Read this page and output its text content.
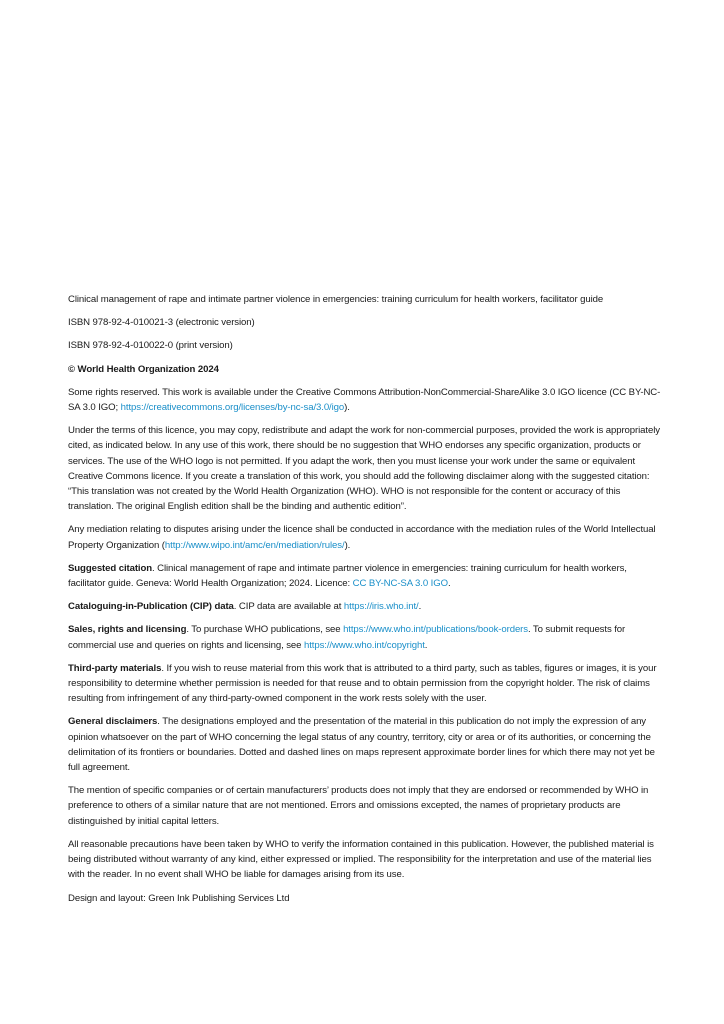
Clinical management of rape and intimate partner violence in emergencies: training curriculum for health workers, facilitator guide

ISBN 978-92-4-010021-3 (electronic version)

ISBN 978-92-4-010022-0 (print version)

© World Health Organization 2024

Some rights reserved. This work is available under the Creative Commons Attribution-NonCommercial-ShareAlike 3.0 IGO licence (CC BY-NC-SA 3.0 IGO; https://creativecommons.org/licenses/by-nc-sa/3.0/igo).

Under the terms of this licence, you may copy, redistribute and adapt the work for non-commercial purposes, provided the work is appropriately cited, as indicated below. In any use of this work, there should be no suggestion that WHO endorses any specific organization, products or services. The use of the WHO logo is not permitted. If you adapt the work, then you must license your work under the same or equivalent Creative Commons licence. If you create a translation of this work, you should add the following disclaimer along with the suggested citation: “This translation was not created by the World Health Organization (WHO). WHO is not responsible for the content or accuracy of this translation. The original English edition shall be the binding and authentic edition”.

Any mediation relating to disputes arising under the licence shall be conducted in accordance with the mediation rules of the World Intellectual Property Organization (http://www.wipo.int/amc/en/mediation/rules/).

Suggested citation. Clinical management of rape and intimate partner violence in emergencies: training curriculum for health workers, facilitator guide. Geneva: World Health Organization; 2024. Licence: CC BY-NC-SA 3.0 IGO.

Cataloguing-in-Publication (CIP) data. CIP data are available at https://iris.who.int/.

Sales, rights and licensing. To purchase WHO publications, see https://www.who.int/publications/book-orders. To submit requests for commercial use and queries on rights and licensing, see https://www.who.int/copyright.

Third-party materials. If you wish to reuse material from this work that is attributed to a third party, such as tables, figures or images, it is your responsibility to determine whether permission is needed for that reuse and to obtain permission from the copyright holder. The risk of claims resulting from infringement of any third-party-owned component in the work rests solely with the user.

General disclaimers. The designations employed and the presentation of the material in this publication do not imply the expression of any opinion whatsoever on the part of WHO concerning the legal status of any country, territory, city or area or of its authorities, or concerning the delimitation of its frontiers or boundaries. Dotted and dashed lines on maps represent approximate border lines for which there may not yet be full agreement.

The mention of specific companies or of certain manufacturers’ products does not imply that they are endorsed or recommended by WHO in preference to others of a similar nature that are not mentioned. Errors and omissions excepted, the names of proprietary products are distinguished by initial capital letters.

All reasonable precautions have been taken by WHO to verify the information contained in this publication. However, the published material is being distributed without warranty of any kind, either expressed or implied. The responsibility for the interpretation and use of the material lies with the reader. In no event shall WHO be liable for damages arising from its use.

Design and layout: Green Ink Publishing Services Ltd
